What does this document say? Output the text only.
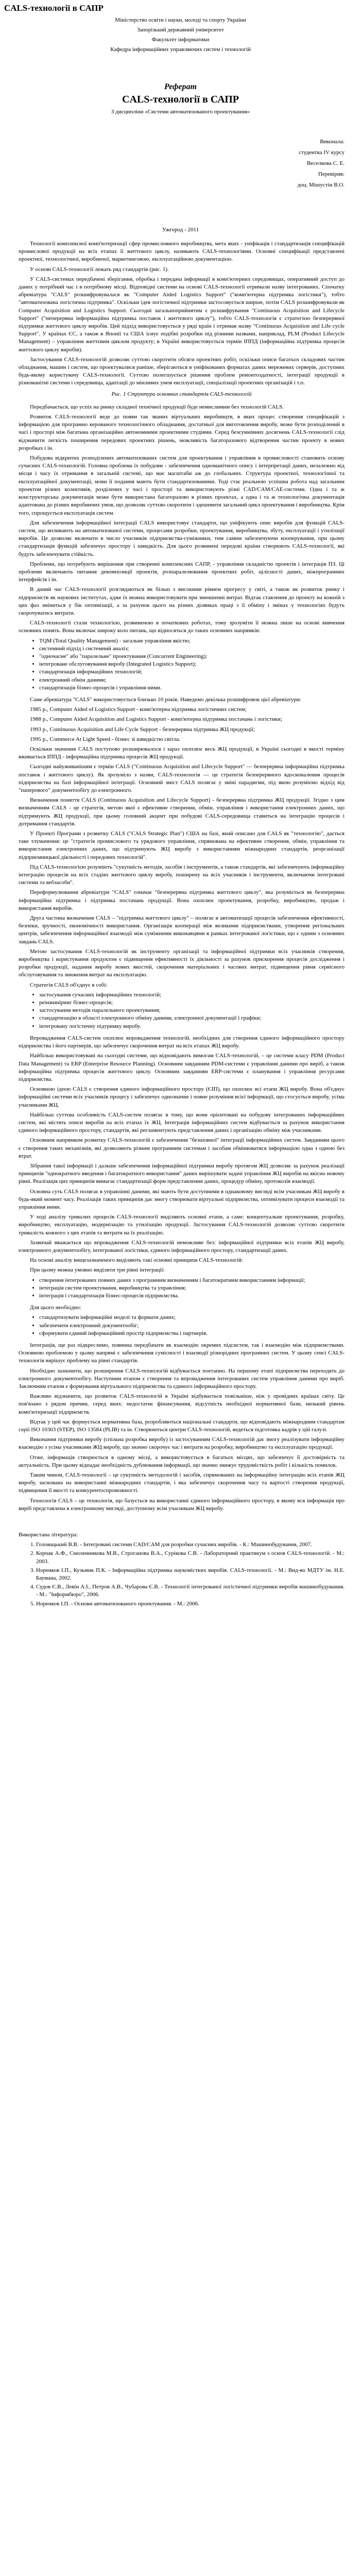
CALS-технології в САПР
Міністерство освіти і науки, молоді та спорту України
Запорізький державний університет
Факультет інформатики
Кафедра інформаційних управляючих систем і технологій
Реферат
CALS-технології в САПР
З дисципліни «Системи автоматизованого проектування»
Виконала:
студентка IV курсу
Веселкова С. Е.
Перевірив:
доц. Мішустін В.О.
Ужгород - 2011

Технології комплексної комп'ютеризації сфер промисловного виробництва, мета яких - уніфікація і стандартизація специфікацій промислової продукції на всіх етапах її життєвого циклу, називають CALS-технологіями. Основні специфікації представлені проектної, технологічної, виробничої, маркетинговою, експлуатаційною документацією.

У основі CALS-технології лежать ряд стандартів (рис. 1).

У CALS-системах передбачені зберігання, обробка і передача інформації в комп'ютерних середовищах, оперативний доступ до даних у потрібний час і в потрібному місці. Відповідні системи на основі CALS-технології отримали назву інтегрованих. Спочатку абревіатура "CALS" розшифровувалася як "Computer Aided Logistics Support" ("комп'ютерна підтримка логістики"), тобто "автоматизована логістична підтримка". Оскільки ідея логістичної підтримки застосовується ширше, потім CALS розшифровували як Computer Acquisition and Logistics Support. Сьогодні загальноприйнятим є розшифрування "Continuous Acquisition and Lifecycle Support" ("неперервна інформаційна підтримка поставок і життєвого циклу"), тобто CALS-технологія є стратегією безперервної підтримки життєвого циклу виробів. Цей підхід використовується у ряді країн і отримав назву "Continuous Acquisition and Life cycle Support". У країнах ЄС, а також в Японії та США існує подібні розробки під різними назвами, наприклад, PLM (Product Lifecycle Management) – управління життєвим циклом продукту; в Україні використовується термін ІППД (інформаційна підтримка процесів життєвого циклу виробів).

Застосування CALS-технологій дозволяє суттєво скоротити обсяги проектних робіт, оскільки описи багатьох складових частин обладнання, машин і систем, що проектувалися раніше, зберігаються в уніфікованих форматах даних мережевих серверів, доступних будь-якому користувачу CALS-технології. Суттєво полегшується рішення проблем ремонтоздатності, інтеграції продукції в різноманітні системи і середовища, адаптації до мінливих умов експлуатації, спеціалізації проектних організацій і т.п.

Рис. 1 Структура основних стандартів CALS-технологій

Передбачається, що успіх на ринку складної технічної продукції буде немислимим без технологій CALS.

Розвиток CALS-технології веде до появи так званих віртуальних виробництв, в яких процес створення специфікацій з інформацією для програмно керованого технологічного обладнання, достатньої для виготовлення виробу, може бути розподілений в часі і просторі між багатьма організаційно автономними проектними студіями. Серед безсумнівних досягнень CALS-технології слід відзначити легкість поширення передових проектних рішень, можливість багаторазового відтворення частин проекту в нових розробках і ін.

Побудова відкритих розподілених автоматизованих систем для проектування і управління в промисловості становить основу сучасних CALS-технологій. Головна проблема їх побудови - забезпечення одноманітного опису і інтерпретації даних, незалежно від місця і часу їх отримання в загальній системі, що має масштаби аж до глобальних. Структура проектної, технологічної та експлуатаційної документації, мови її подання мають бути стандартизованими. Тоді стає реальною успішна робота над загальним проектом різних колективів, розділених у часі і просторі та використовують різні CAD/CAM/CAE-системи. Одна і та ж конструкторська документація може бути використана багаторазово в різних проектах, а одна і та ж технологічна документація адаптована до різних виробничих умов, що дозволяє суттєво скоротити і здешевити загальний цикл проектування і виробництва. Крім того, спрощується експлуатація систем.

Для забезпечення інформаційної інтеграції CALS використовує стандарти, що уніфікують опис виробів для функцій CALS-систем, що впливають на автоматизованої системи, процесами розробки, проектування, виробництва, збуту, експлуатації і утилізації виробів. Це дозволяє включати в число учасників підприємства-суміжники, тим самим забезпечуючи кооперування, при цьому стандартизація функцій забезпечує простору і швидкість. Для цього розвинені передові країни створюють CALS-технології, які будуть забезпечувати стійкість.

Проблеми, що потребують вирішення при створенні комплексних САПР, - управління складністю проектів і інтеграція ПЗ. Ці проблеми включають питання декомпозиції проектів, розпаралелювання проектних робіт, цілісності даних, міжпрограмних інтерфейсів і ін.

В даний час CALS-технології розглядаються як більш з високими рівнем прогресу у світі, а також як розвиток ринку і підприємств як наукових інститутах, адже їх можна використовувати при зменшенні витрат. Відтак ставлення до проекту на кожній з цих фаз зміниться у бік оптимізації, а за рахунок цього на різних ділянках праці з її обміну і змінах у технологіях будуть скорочуватись витрати.

CALS-технології стали технологією, розвиненою в початкових роботах, тому зрозуміти її можна лише на основі вивчення основних понять. Вона включає широку коло питань, що відносяться до таких основних напрямків:

• TQM (Total Quality Management) - загальне управління якістю;
• системний підхід і системний аналіз;
• "одночасне" або "паралельне" проектування (Concurrent Engineering);
• інтегроване обслуговування виробу (Integrated Logistics Support);
• стандартизація інформаційних технологій;
• електронний обмін даними;
• стандартизація бізнес-процесів і управління ними.

Саме абревіатура "CALS" використовується близько 10 років. Наведемо декілька розшифровок цієї абревіатури:

1985 р., Computer Aided of Logistics Support - комп'ютерна підтримка логістичних систем;

1988 р., Computer Aided Acquisition and Logistics Support - комп'ютерна підтримка постачань і логістики;

1993 р., Continuous Acquisition and Life Cycle Support - безперервна підтримка ЖЦ продукції;

1995 р., Commerce At Light Speed - бізнес зі швидкістю світла.

Оскільки значення CALS поступово розширювалося і зараз охоплює весь ЖЦ продукції, в Україні сьогодні в якості терміну вживається ІППД - інформаційна підтримка процесів ЖЦ продукції.

Сьогодні найуживанішим є термін CALS ("Continuous Acquisition and Lifecycle Support" — безперервна інформаційна підтримка поставок і життєвого циклу). Як зрозуміло з назви, CALS-технологія — це стратегія безперервного вдосконалення процесів підприємства на базі інформаційної інтеграції. Основний зміст CALS полягає у зміні парадигми, під якою розуміємо відхід від "паперового" документообігу до електронного.

Визначення поняття CALS (Continuous Acquisition and Lifecycle Support) - безперервна підтримка ЖЦ продукції. Згідно з цим визначенням CALS - це стратегія, метою якої є ефективне створення, обмін, управління і використання електронних даних, що підтримують ЖЦ продукції, при цьому головний акцент при побудові CALS-середовища ставиться на інтеграцію процесів і дотримання стандартів.

У Проекті Програми з розвитку CALS ("CALS Strategic Plan") США на базі, який описано для CALS як "технологію", дається таке тлумачення: це "стратегія промислового та урядового управління, спрямована на ефективне створення, обмін, управління та використання електронних даних, що підтримують ЖЦ виробу з використанням міжнародних стандартів, реорганізації підприємницької діяльності і передових технологій".

Під CALS-технологією розуміють "сукупність методів, засобів і інструментів, а також стандартів, які забезпечують інформаційну інтеграцію процесів на всіх стадіях життєвого циклу виробу, поширену на всіх учасників і інструменти, включаючи інтегровані системи та вебзасоби".

Переформулювання абревіатури "CALS" означає "безперервна підтримка життєвого циклу", яка розуміється як безперервна інформаційна підтримка і підтримка постачань продукції. Вона охоплює проектування, розробку, виробництво, продаж і використання виробів.

Друга частина визначення CALS – "підтримка життєвого циклу" – полягає в автоматизації процесів забезпечення ефективності, безпеки, зручності, економічності використання. Організація кооперації між великими підприємствами, утворення регіональних центрів, забезпечення інформаційної взаємодії між суміжними виконавцями в рамках інтегрованої логістики, що є одним з основних завдань CALS.

Метою застосування CALS-технологій як інструменту організації та інформаційної підтримки всіх учасників створення, виробництва і користування продуктом є підвищення ефективності їх діяльності за рахунок прискорення процесів дослідження і розробки продукції, надання виробу нових якостей, скорочення матеріальних і часових витрат, підвищення рівня сервісного обслуговування та зниження витрат на експлуатацію.

Стратегія CALS об'єднує в собі:

• застосування сучасних інформаційних технологій;
• реінжиніринг бізнес-процесів;
• застосування методів паралельного проектування;
• стандартизацію в області електронного обміну даними, електронної документації і графіки;
• інтегровану логістичну підтримку виробу.

Впровадження CALS-систем охоплює впровадження технологій, необхідних для створення єдиного інформаційного простору підприємства і його партнерів, що забезпечує скорочення витрат на всіх етапах ЖЦ виробу.

Найбільш використовувані на сьогодні системи, що відповідають вимогам CALS-технологій, – це системи класу PDM (Product Data Management) та ERP (Enterprise Resource Planning). Основним завданням PDM-системи є управління даними про виріб, а також інформаційна підтримка процесів життєвого циклу. Основним завданням ERP-системи є планування і управління ресурсами підприємства.

Основною ідеєю CALS є створення єдиного інформаційного простору (ЄІП), що охоплює всі етапи ЖЦ виробу. Вона об'єднує інформаційні системи всіх учасників процесу і забезпечує однозначне і повне розуміння всієї інформації, що стосується виробу, усіма учасниками ЖЦ.

Найбільш суттєва особливість CALS-систем полягає в тому, що вони орієнтовані на побудову інтегрованих інформаційних систем, які містять описи виробів на всіх етапах їх ЖЦ. Інтеграція інформаційних систем відбувається за рахунок використання єдиного інформаційного простору, стандартів, які регламентують представлення даних і організацію обміну між учасниками.

Основним напрямком розвитку CALS-технологій є забезпечення "безшовної" інтеграції інформаційних систем. Завданням цього є створення таких механізмів, які дозволяють різним програмним системам і засобам обмінюватися інформацією одна з одною без втрат.

Зібрання такої інформації і дальше забезпечення інформаційної підтримки виробу протягом ЖЦ дозволяє за рахунок реалізації принципів "однократного введення і багатократного використання" даних вирішувати задачі управління ЖЦ виробів на якісно новому рівні. Реалізація цих принципів вимагає стандартизації форм представлення даних, процедур обміну, протоколів взаємодії.

Основна суть CALS полягає в управлінні даними, які мають бути доступними в однаковому вигляді всім учасникам ЖЦ виробу в будь-який момент часу. Реалізація таких принципів дає змогу створювати віртуальні підприємства, оптимізувати процеси взаємодії та управління ними.

У ході аналізу тривалих процесів CALS-технології виділяють основні етапи, а саме: концептуальне проектування, розробку, виробництво, експлуатацію, модернізацію та утилізацію продукції. Застосування CALS-технологій дозволяє суттєво скоротити тривалість кожного з цих етапів та витрати на їх реалізацію.

Зазвичай вважається що впровадження CALS-технологій неможливе без: інформаційної підтримки всіх етапів ЖЦ виробу, електронного документообігу, інтегрованої логістики, єдиного інформаційного простору, стандартизації даних.

На основі аналізу вищезазначеного виділяють такі основні принципи CALS-технологій:

При цьому можна умовно виділити три рівні інтеграції:

• створення інтегрованих повних даних з програмним визначенням і багатократним використанням інформації;
• інтеграція систем проектування, виробництва та управління;
• інтеграція і стандартизація бізнес-процесів підприємства.

Для цього необхідно:

• стандартизувати інформаційні моделі та формати даних;
• забезпечити електронний документообіг;
• сформувати єдиний інформаційний простір підприємства і партнерів.

Інтеграція, ще раз підкреслимо, повинна передбачати як взаємодію окремих підсистем, так і взаємодію між підприємствами. Основною проблемою у цьому напрямі є забезпечення сумісності і взаємодії різнорідних програмних систем. У цьому сенсі CALS-технологія вирішує проблему на рівні стандартів.

Необхідно зазначити, що розширення CALS-технологій відбувається поетапно. На першому етапі підприємства переходять до електронного документообігу. Наступним етапом є створення та впровадження інтегрованих систем управління даними про виріб. Заключним етапом є формування віртуального підприємства та єдиного інформаційного простору.

Важливо відзначити, що розвиток CALS-технологій в Україні відбувається повільніше, ніж у провідних країнах світу. Це пов'язано з рядом причин, серед яких: недостатнє фінансування, відсутність необхідної нормативної бази, низький рівень комп'ютеризації підприємств.

Відтак у цей час формується нормативна база, розробляються національні стандарти, що відповідають міжнародним стандартам серії ISO 10303 (STEP), ISO 13584 (PLIB) та ін. Створюються центри CALS-технологій, ведеться підготовка кадрів у цій галузі.

Виконання підтримки виробу (спільна розробка виробу) із застосуванням CALS-технологій дає змогу реалізувати інформаційну взаємодію з усіма учасниками ЖЦ виробу, що значно скорочує час і витрати на розробку, виробництво та експлуатацію продукції.

Отже, інформація створюється в одному місці, а використовується в багатьох місцях, що забезпечує її достовірність та актуальність. При цьому відпадає необхідність дублювання інформації, що значно знижує трудомісткість робіт і кількість помилок.

Таким чином, CALS-технології – це сукупність методологій і засобів, спрямованих на інформаційну інтеграцію всіх етапів ЖЦ виробу, заснована на використанні міжнародних стандартів, і яка забезпечує скорочення часу та вартості створення продукції, підвищення її якості та конкурентоспроможності.

Технологія CALS – це технологія, що базується на використанні єдиного інформаційного простору, в якому вся інформація про виріб представлена в електронному вигляді, доступному всім учасникам ЖЦ виробу.

Використана література:

1. Головацький В.В. - Інтегровані системи CAD/CAM для розробки сучасних виробів. - К.: Машинобудування, 2007.
2. Корчак А.Ф., Смоленникова М.В., Строганова В.А., Сурікова С.В. - Лабораторний практикум з основ CALS-технологій. - М.: 2003.
3. Норенков І.П., Кузьмик П.К. - Інформаційна підтримка наукомістких виробів. CALS-технології. - М.: Вид-во МДТУ ім. Н.Е. Баумана, 2002.
4. Судов Є.В., Левін А.І., Петров А.В., Чубарова Є.В. - Технології інтегрованої логістичної підтримки виробів машинобудування. - М.: "Інформбюро", 2006.
5. Норенков І.П. - Основи автоматизованого проектування. - М.: 2006.
